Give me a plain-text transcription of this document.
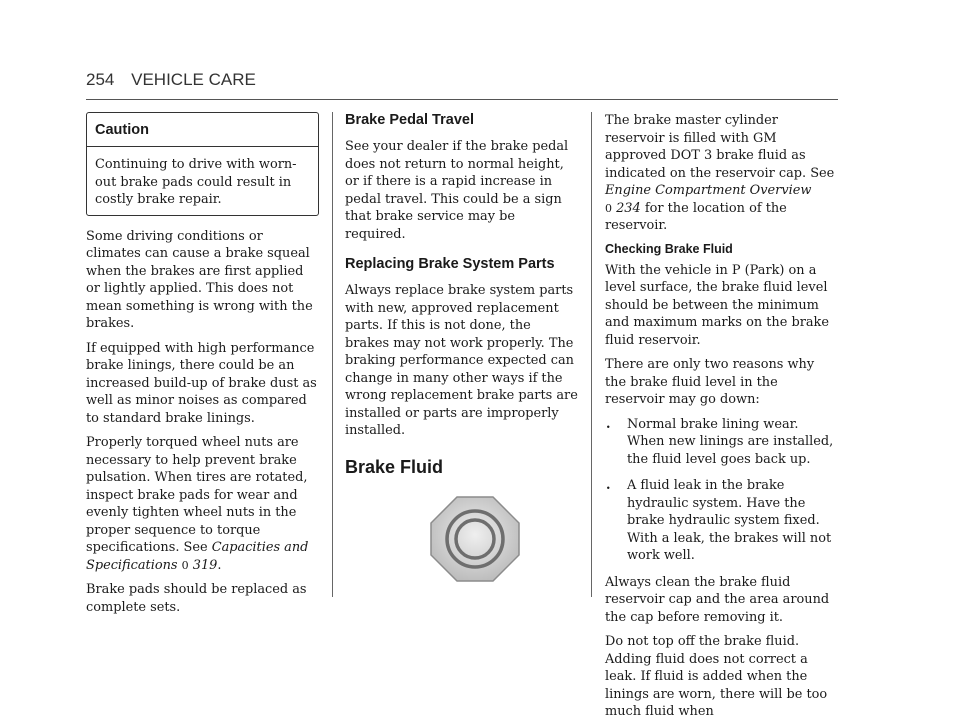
254 VEHICLE CARE
Caution
Continuing to drive with worn-out brake pads could result in costly brake repair.

Some driving conditions or climates can cause a brake squeal when the brakes are first applied or lightly applied. This does not mean something is wrong with the brakes.

If equipped with high performance brake linings, there could be an increased build-up of brake dust as well as minor noises as compared to standard brake linings.

Properly torqued wheel nuts are necessary to help prevent brake pulsation. When tires are rotated, inspect brake pads for wear and evenly tighten wheel nuts in the proper sequence to torque specifications. See Capacities and Specifications 0 319.

Brake pads should be replaced as complete sets.

Brake Pedal Travel

See your dealer if the brake pedal does not return to normal height, or if there is a rapid increase in pedal travel. This could be a sign that brake service may be required.

Replacing Brake System Parts

Always replace brake system parts with new, approved replacement parts. If this is not done, the brakes may not work properly. The braking performance expected can change in many other ways if the wrong replacement brake parts are installed or parts are improperly installed.

Brake Fluid

The brake master cylinder reservoir is filled with GM approved DOT 3 brake fluid as indicated on the reservoir cap. See Engine Compartment Overview
0 234 for the location of the reservoir.

Checking Brake Fluid

With the vehicle in P (Park) on a level surface, the brake fluid level should be between the minimum and maximum marks on the brake fluid reservoir.

There are only two reasons why the brake fluid level in the reservoir may go down:

. Normal brake lining wear. When new linings are installed, the fluid level goes back up.
. A fluid leak in the brake hydraulic system. Have the brake hydraulic system fixed. With a leak, the brakes will not work well.

Always clean the brake fluid reservoir cap and the area around the cap before removing it.

Do not top off the brake fluid. Adding fluid does not correct a leak. If fluid is added when the linings are worn, there will be too much fluid when
